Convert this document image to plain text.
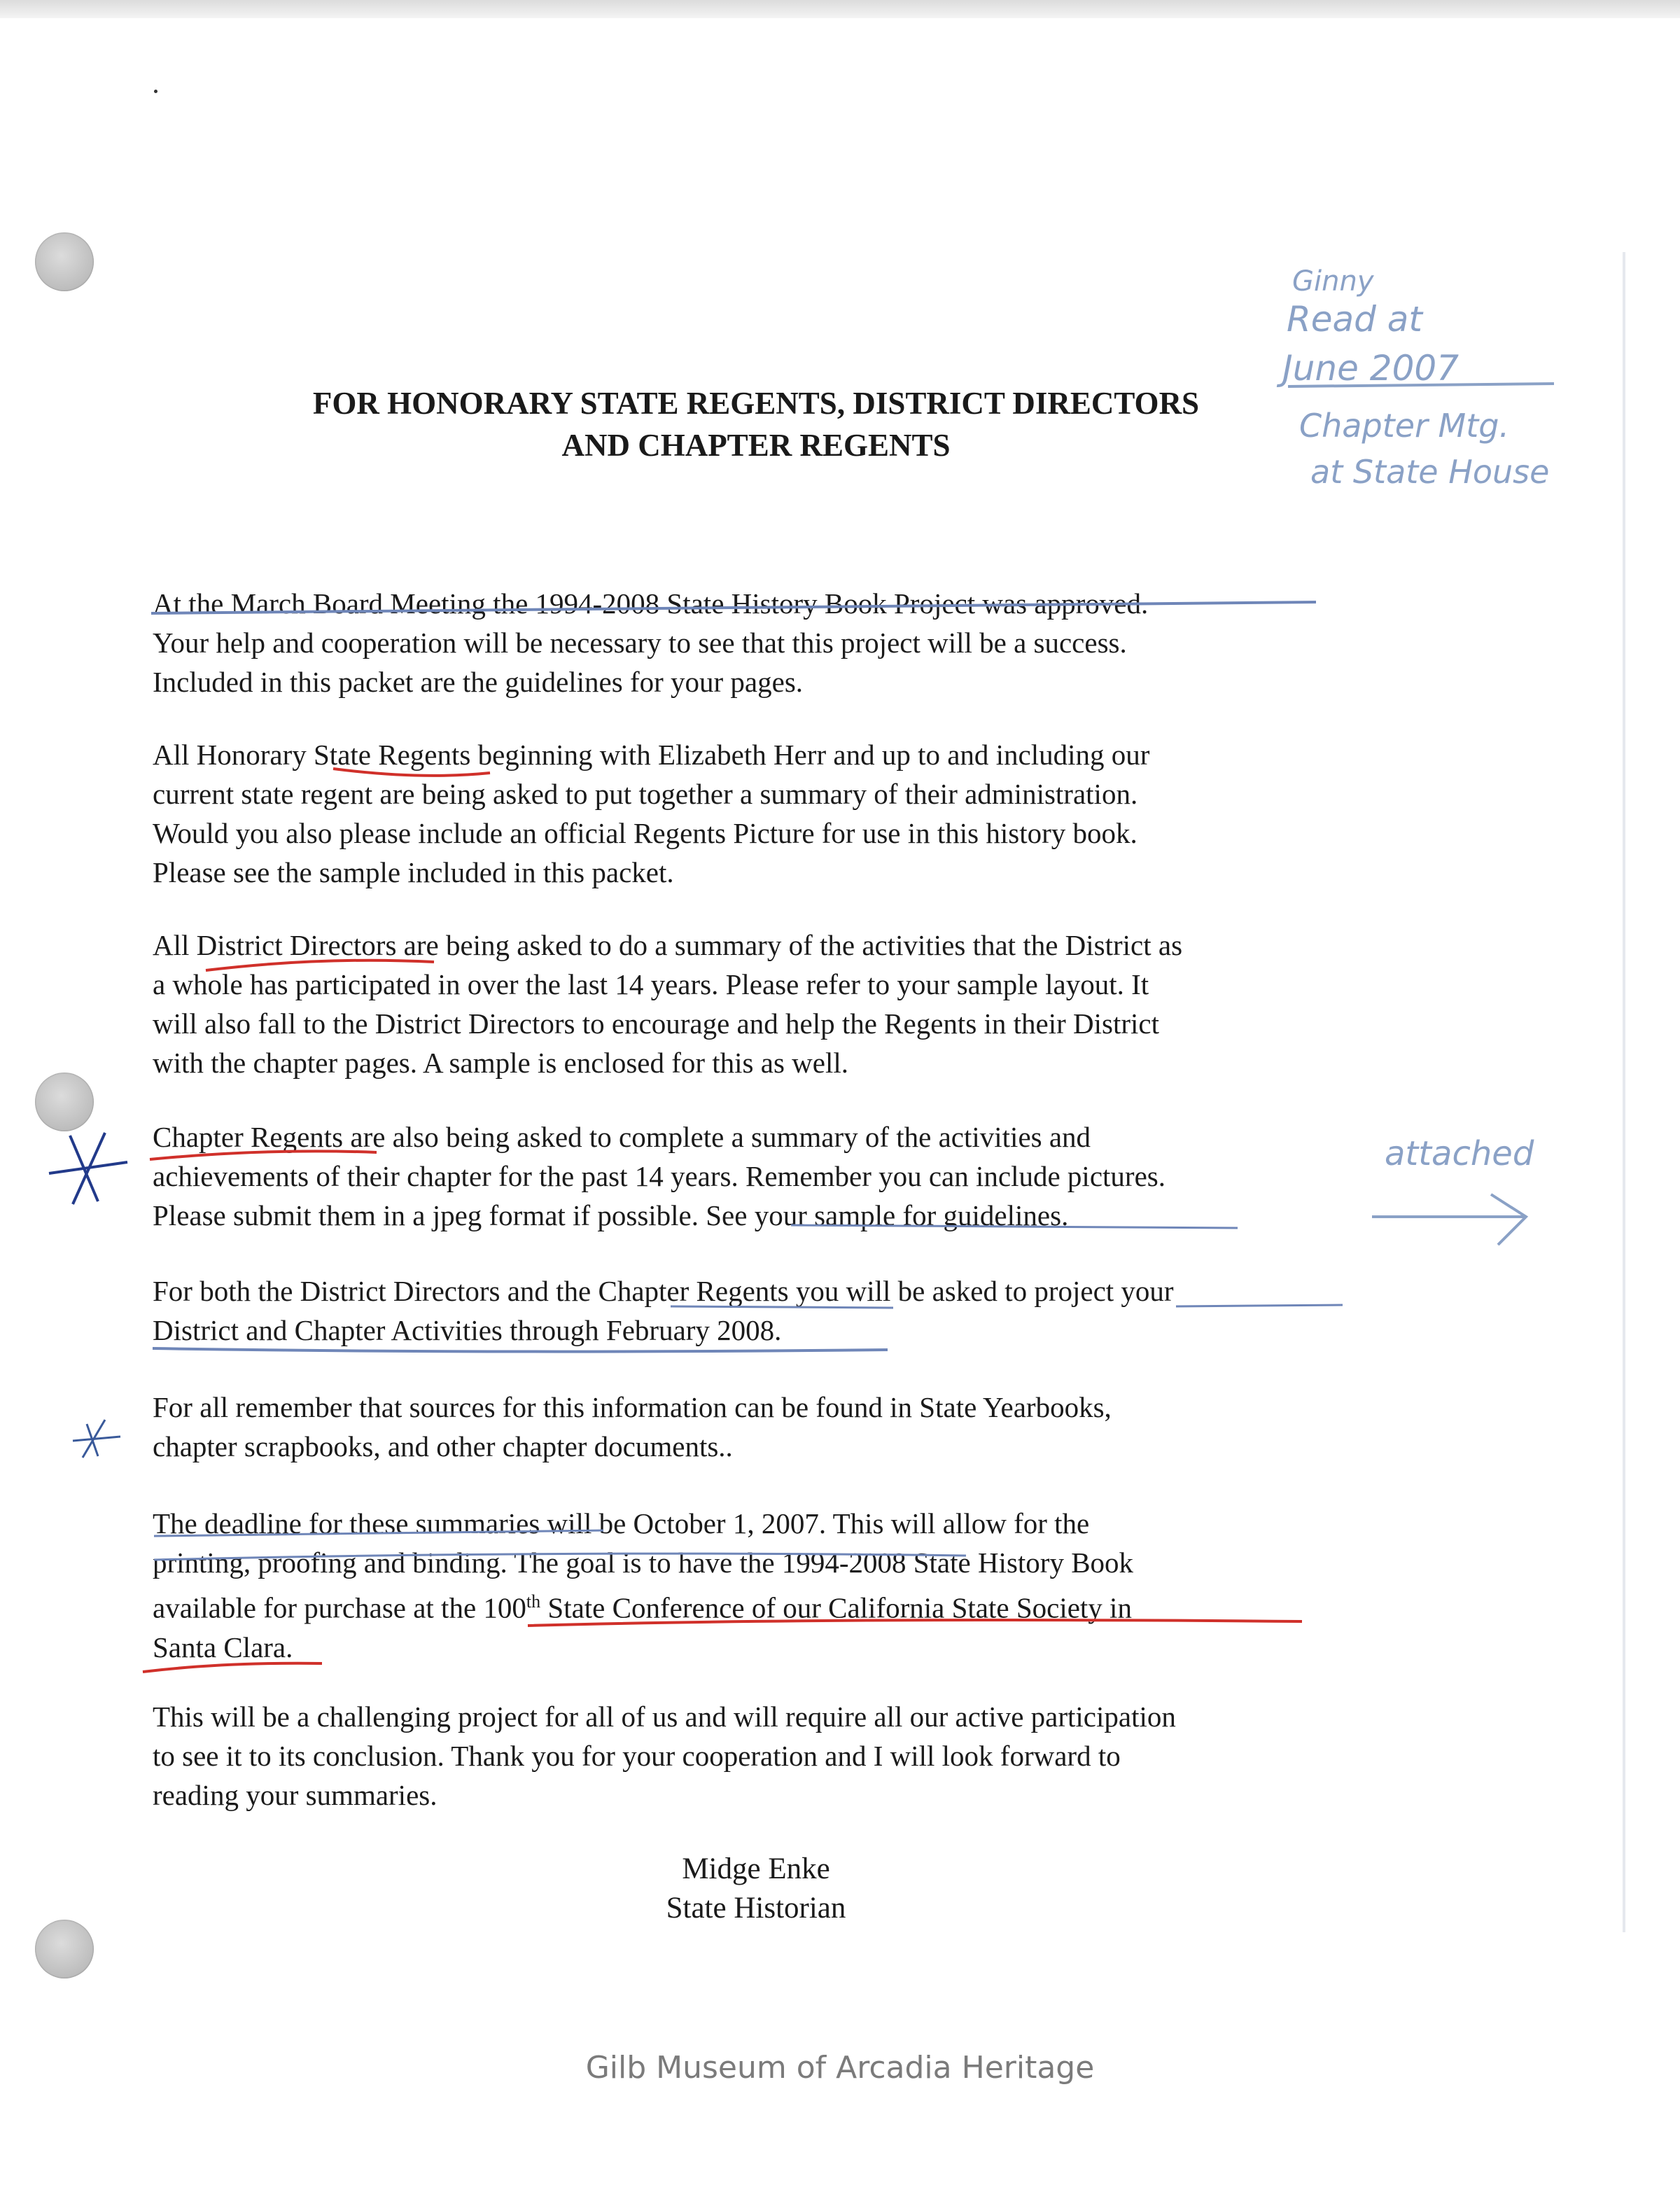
FOR HONORARY STATE REGENTS, DISTRICT DIRECTORS
AND CHAPTER REGENTS
At the March Board Meeting the 1994-2008 State History Book Project was approved.
Your help and cooperation will be necessary to see that this project will be a success.
Included in this packet are the guidelines for your pages.
All Honorary State Regents beginning with Elizabeth Herr and up to and including our
current state regent are being asked to put together a summary of their administration.
Would you also please include an official Regents Picture for use in this history book.
Please see the sample included in this packet.
All District Directors are being asked to do a summary of the activities that the District as
a whole has participated in over the last 14 years. Please refer to your sample layout. It
will also fall to the District Directors to encourage and help the Regents in their District
with the chapter pages. A sample is enclosed for this as well.
Chapter Regents are also being asked to complete a summary of the activities and
achievements of their chapter for the past 14 years. Remember you can include pictures.
Please submit them in a jpeg format if possible. See your sample for guidelines.
For both the District Directors and the Chapter Regents you will be asked to project your
District and Chapter Activities through February 2008.
For all remember that sources for this information can be found in State Yearbooks,
chapter scrapbooks, and other chapter documents..
The deadline for these summaries will be October 1, 2007. This will allow for the
printing, proofing and binding. The goal is to have the 1994-2008 State History Book
available for purchase at the 100th State Conference of our California State Society in
Santa Clara.
This will be a challenging project for all of us and will require all our active participation
to see it to its conclusion. Thank you for your cooperation and I will look forward to
reading your summaries.
Midge Enke
State Historian
Ginny
Read at
June 2007
Chapter Mtg.
at State House
attached
Gilb Museum of Arcadia Heritage
